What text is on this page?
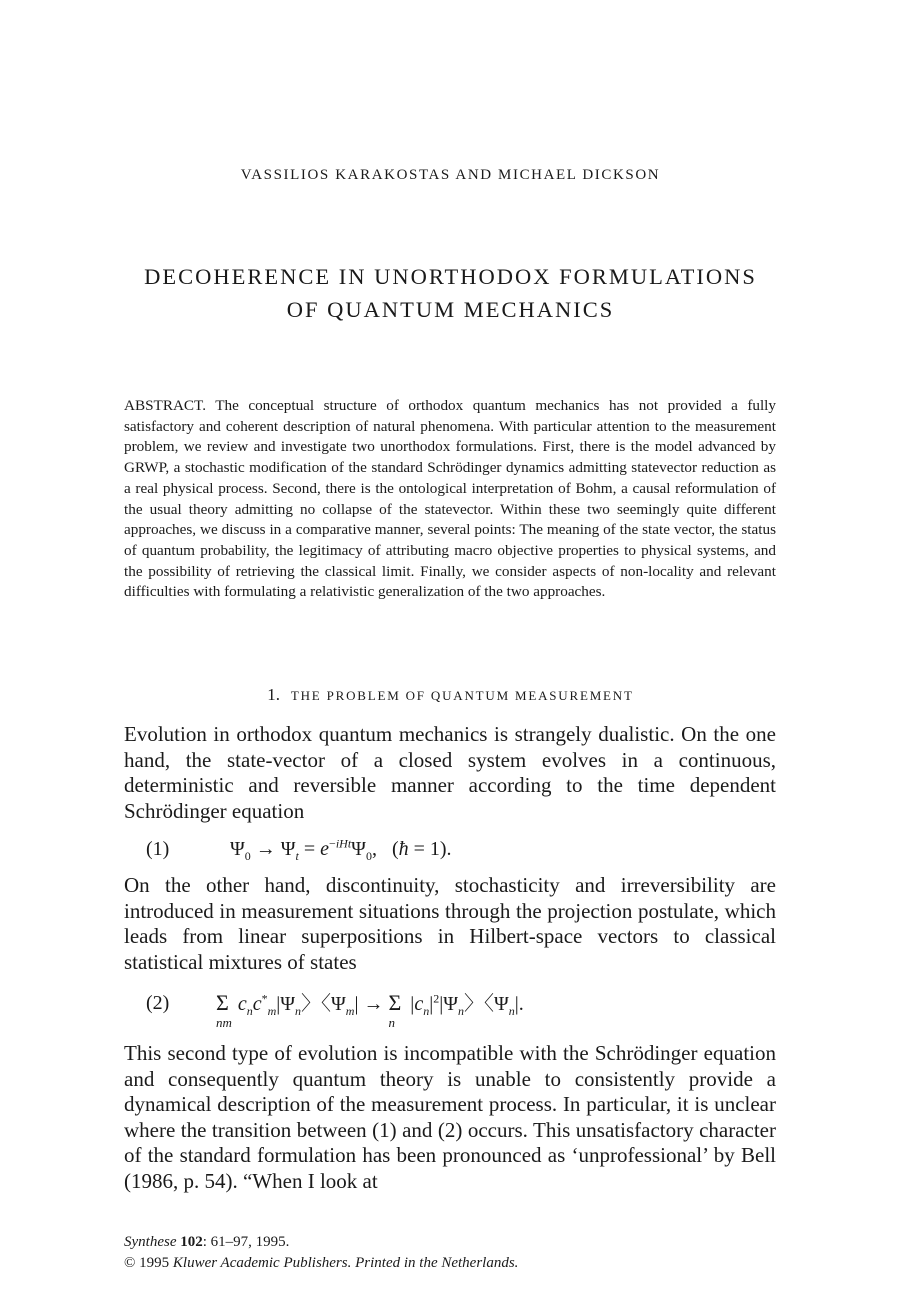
VASSILIOS KARAKOSTAS AND MICHAEL DICKSON
DECOHERENCE IN UNORTHODOX FORMULATIONS
OF QUANTUM MECHANICS

ABSTRACT. The conceptual structure of orthodox quantum mechanics has not provided a fully satisfactory and coherent description of natural phenomena. With particular attention to the measurement problem, we review and investigate two unorthodox formulations. First, there is the model advanced by GRWP, a stochastic modification of the standard Schrödinger dynamics admitting statevector reduction as a real physical process. Second, there is the ontological interpretation of Bohm, a causal reformulation of the usual theory admitting no collapse of the statevector. Within these two seemingly quite different approaches, we discuss in a comparative manner, several points: The meaning of the state vector, the status of quantum probability, the legitimacy of attributing macro objective properties to physical systems, and the possibility of retrieving the classical limit. Finally, we consider aspects of non-locality and relevant difficulties with formulating a relativistic generalization of the two approaches.

1. THE PROBLEM OF QUANTUM MEASUREMENT

Evolution in orthodox quantum mechanics is strangely dualistic. On the one hand, the state-vector of a closed system evolves in a continuous, deterministic and reversible manner according to the time dependent Schrödinger equation

(1)	$\Psi_0 \to \Psi_t = e^{-iHt}\Psi_0$,   (ħ = 1).

On the other hand, discontinuity, stochasticity and irreversibility are introduced in measurement situations through the projection postulate, which leads from linear superpositions in Hilbert-space vectors to classical statistical mixtures of states

(2) Σ
nm
$c_nc^*_m|\Psi_n$〉〈$\Psi_m| \to \Sigma$
n
$|c_n|^2|\Psi_n$〉〈$\Psi_n|$.

This second type of evolution is incompatible with the Schrödinger equation and consequently quantum theory is unable to consistently provide a dynamical description of the measurement process. In particular, it is unclear where the transition between (1) and (2) occurs. This unsatisfactory character of the standard formulation has been pronounced as ‘unprofessional’ by Bell (1986, p. 54). “When I look at

Synthese 102: 61–97, 1995.
© 1995 Kluwer Academic Publishers. Printed in the Netherlands.
